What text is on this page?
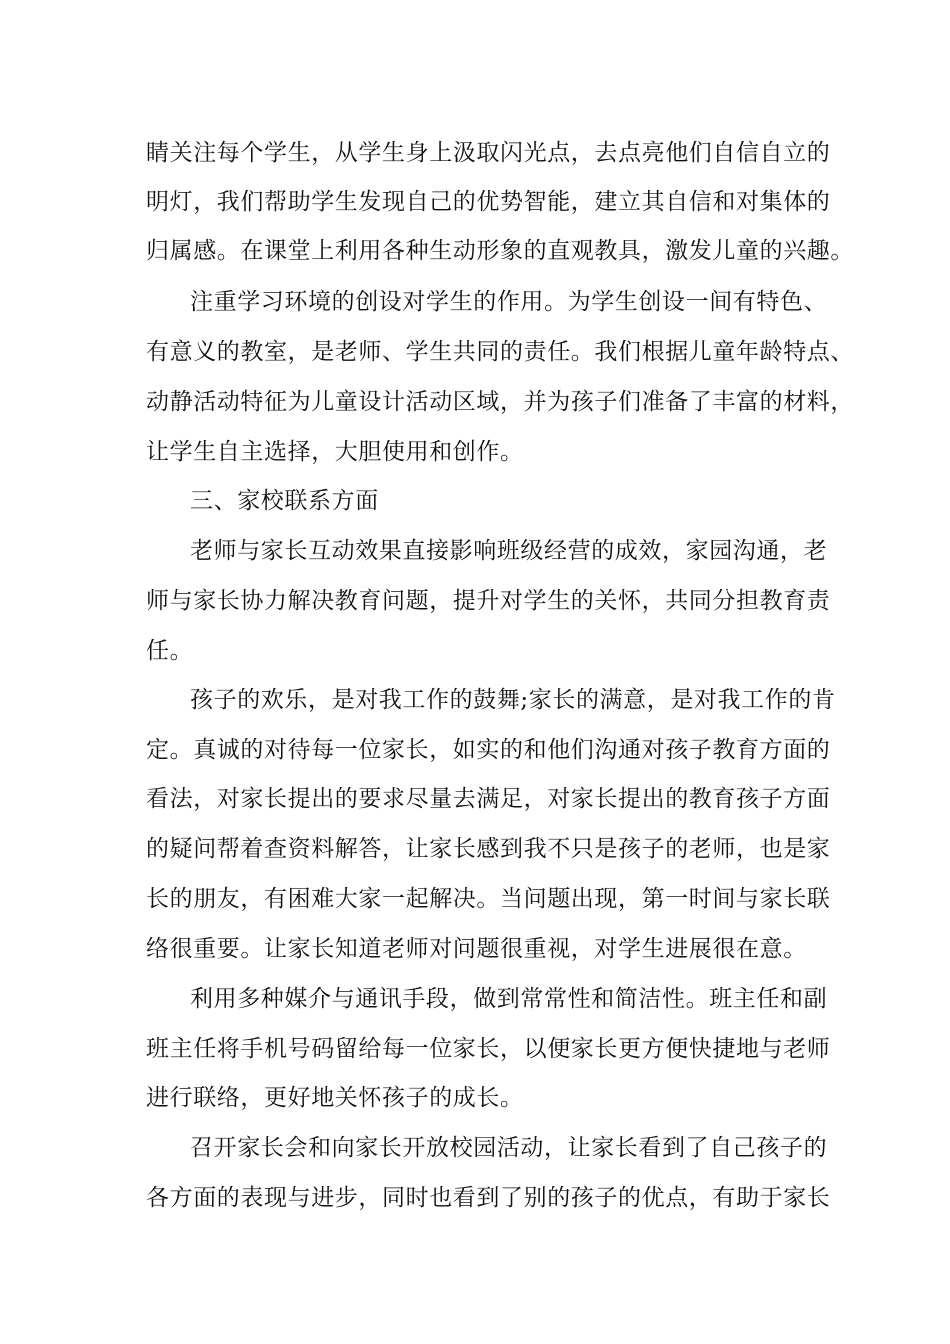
睛关注每个学生，从学生身上汲取闪光点，去点亮他们自信自立的
明灯，我们帮助学生发现自己的优势智能，建立其自信和对集体的
归属感。在课堂上利用各种生动形象的直观教具，激发儿童的兴趣。
注重学习环境的创设对学生的作用。为学生创设一间有特色、
有意义的教室，是老师、学生共同的责任。我们根据儿童年龄特点、
动静活动特征为儿童设计活动区域，并为孩子们准备了丰富的材料，
让学生自主选择，大胆使用和创作。
三、家校联系方面
老师与家长互动效果直接影响班级经营的成效，家园沟通，老
师与家长协力解决教育问题，提升对学生的关怀，共同分担教育责
任。
孩子的欢乐，是对我工作的鼓舞;家长的满意，是对我工作的肯
定。真诚的对待每一位家长，如实的和他们沟通对孩子教育方面的
看法，对家长提出的要求尽量去满足，对家长提出的教育孩子方面
的疑问帮着查资料解答，让家长感到我不只是孩子的老师，也是家
长的朋友，有困难大家一起解决。当问题出现，第一时间与家长联
络很重要。让家长知道老师对问题很重视，对学生进展很在意。
利用多种媒介与通讯手段，做到常常性和简洁性。班主任和副
班主任将手机号码留给每一位家长，以便家长更方便快捷地与老师
进行联络，更好地关怀孩子的成长。
召开家长会和向家长开放校园活动，让家长看到了自己孩子的
各方面的表现与进步，同时也看到了别的孩子的优点，有助于家长
